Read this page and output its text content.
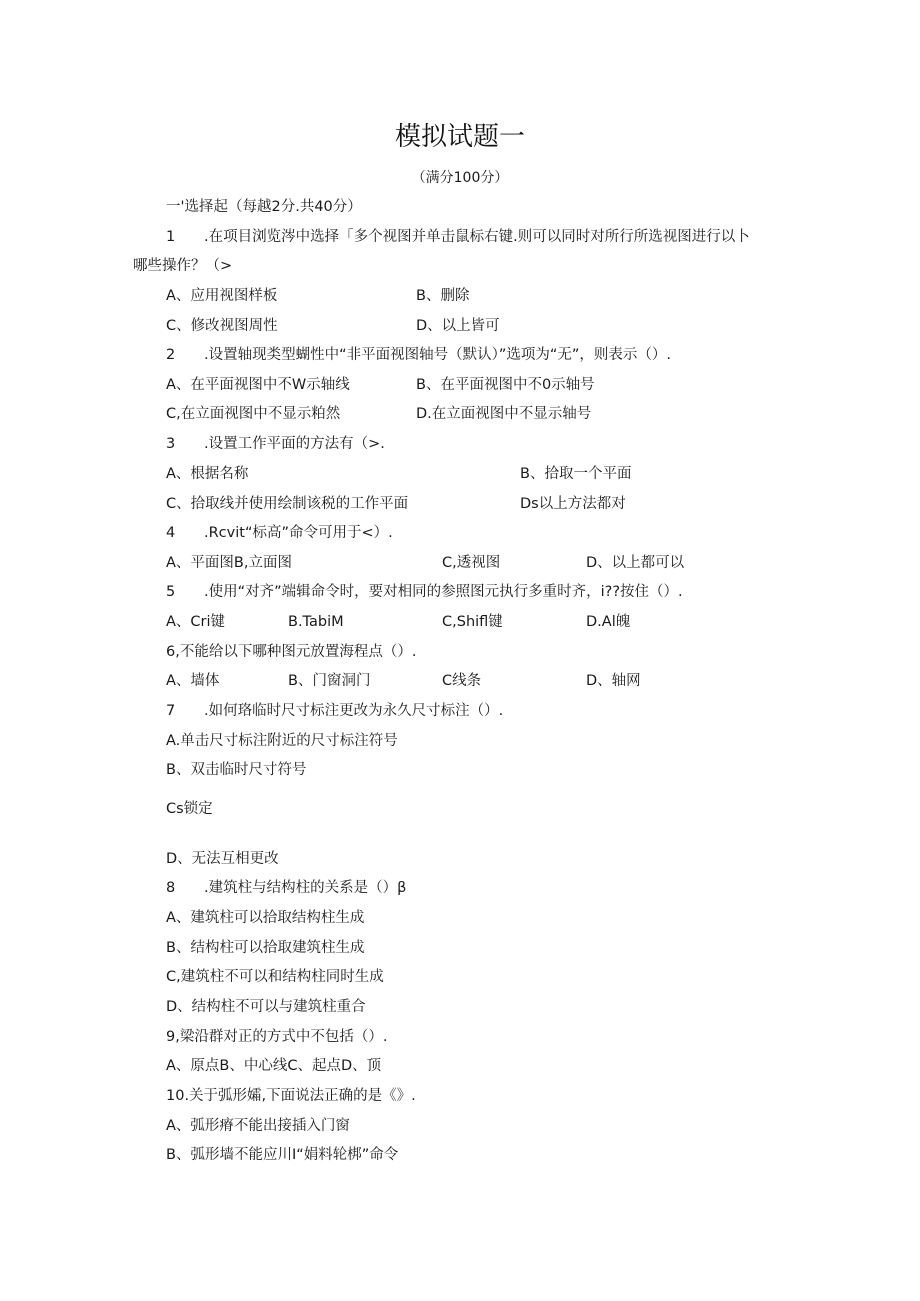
模拟试题一
（满分100分）
一'选择起（每越2分.共40分）
1 .在项目浏览涔中选择「多个视图并单击鼠标右键.则可以同时对所行所选视图进行以卜
哪些操作？（>
A、应用视图样板	B、删除
C、修改视图周性	D、以上皆可
2 .设置轴现类型蝴性中“非平面视图轴号（默认）”选项为“无”，则表示（）.
A、在平面视图中不W示轴线	B、在平面视图中不0示轴号
C,在立面视图中不显示粕然	D.在立面视图中不显示轴号
3 .设置工作平面的方法有（>.
A、根据名称	B、拾取一个平面
C、拾取线并使用绘制该税的工作平面	Ds以上方法都对
4 .Rcvit“标高”命令可用于<）.
A、平面图B,立面图	C,透视图	D、以上都可以
5 .使用“对齐”端辑命令时，要对相同的参照图元执行多重时齐，i??按住（）.
A、Cri键	B.TabiM	C,Shifl键	D.Al魄
6,不能给以下哪种图元放置海程点（）.
A、墙体	B、门窗洞门	C线条	D、轴网
7 .如何珞临时尺寸标注更改为永久尺寸标注（）.
A.单击尺寸标注附近的尺寸标注符号
B、双击临时尺寸符号
Cs锁定
D、无法互相更改
8 .建筑柱与结构柱的关系是（）β
A、建筑柱可以拾取结构柱生成
B、结构柱可以拾取建筑柱生成
C,建筑柱不可以和结构柱同时生成
D、结构柱不可以与建筑柱重合
9,梁沿群对正的方式中不包括（）.
A、原点B、中心线C、起点D、顶
10.关于弧形孀,下面说法正确的是《》.
A、弧形瘠不能出接插入门窗
B、弧形墙不能应川I“娟料轮梆”命令
